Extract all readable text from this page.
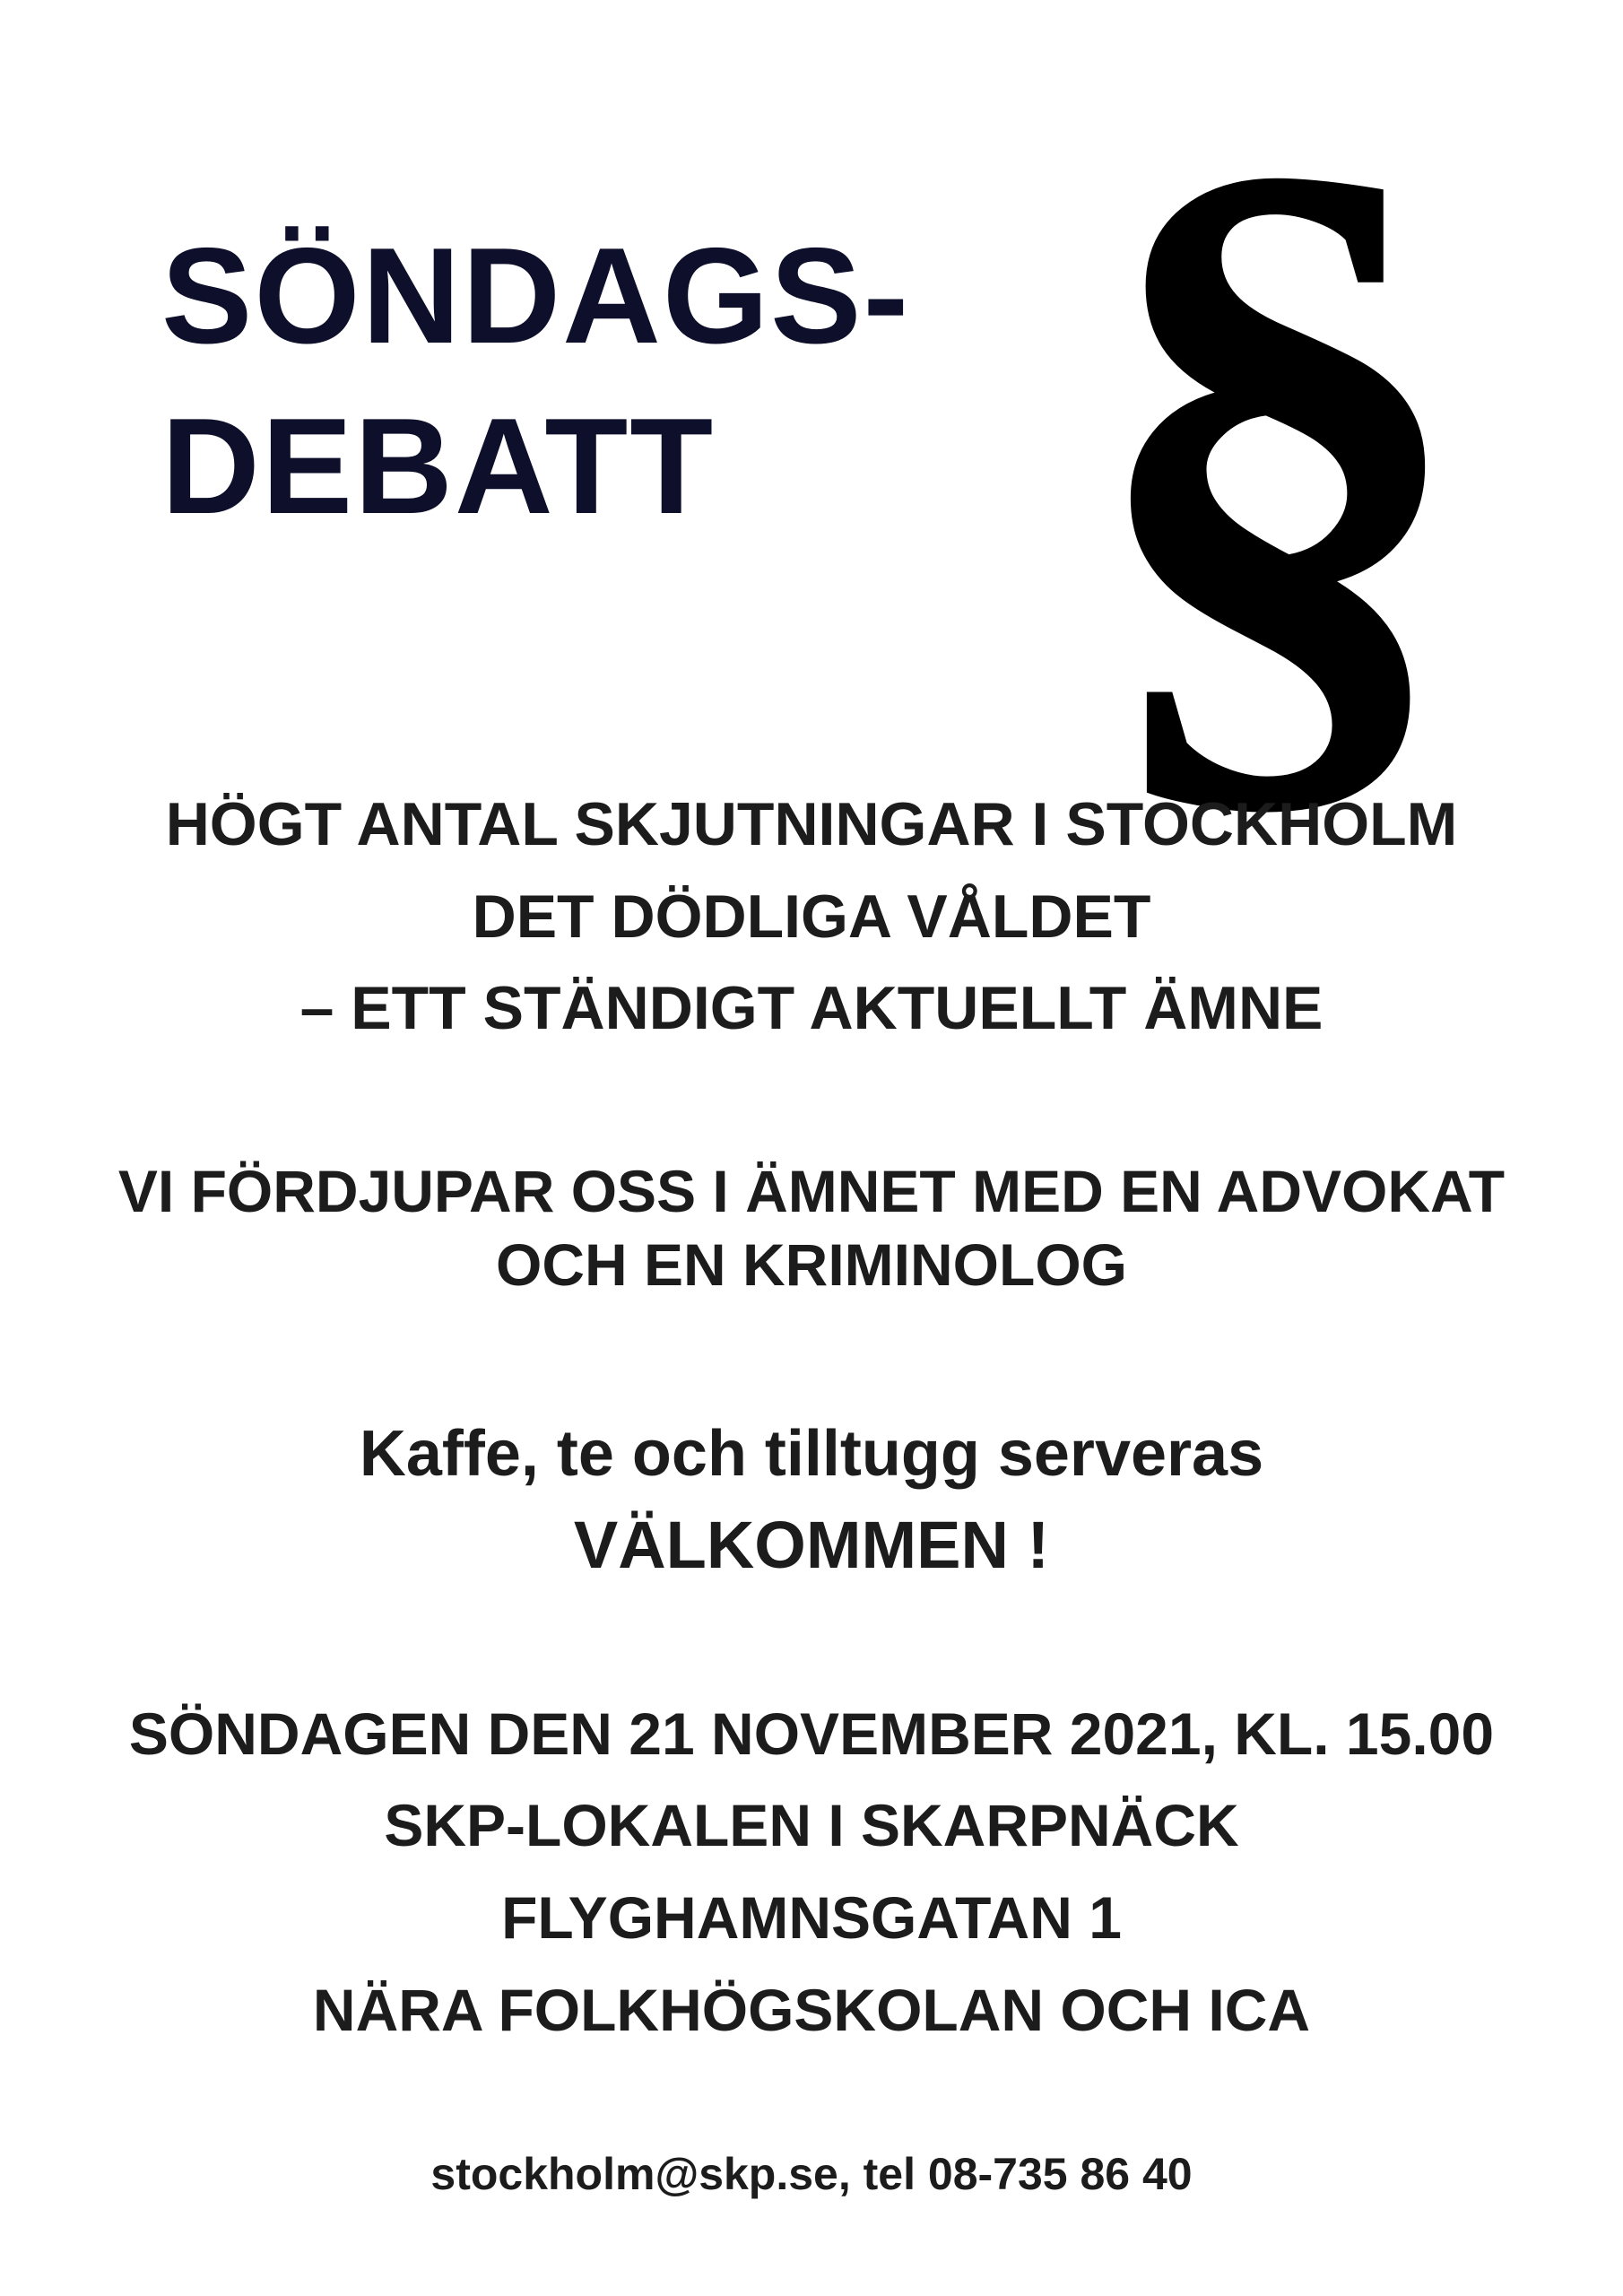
SÖNDAGS-
DEBATT §
HÖGT ANTAL SKJUTNINGAR I STOCKHOLM
DET DÖDLIGA VÅLDET
– ETT STÄNDIGT AKTUELLT ÄMNE
VI FÖRDJUPAR OSS I ÄMNET MED EN ADVOKAT
OCH EN KRIMINOLOG
Kaffe, te och tilltugg serveras
VÄLKOMMEN !
SÖNDAGEN DEN 21 NOVEMBER 2021, KL. 15.00
SKP-LOKALEN I SKARPNÄCK
FLYGHAMNSGATAN 1
NÄRA FOLKHÖGSKOLAN OCH ICA
stockholm@skp.se, tel 08-735 86 40
